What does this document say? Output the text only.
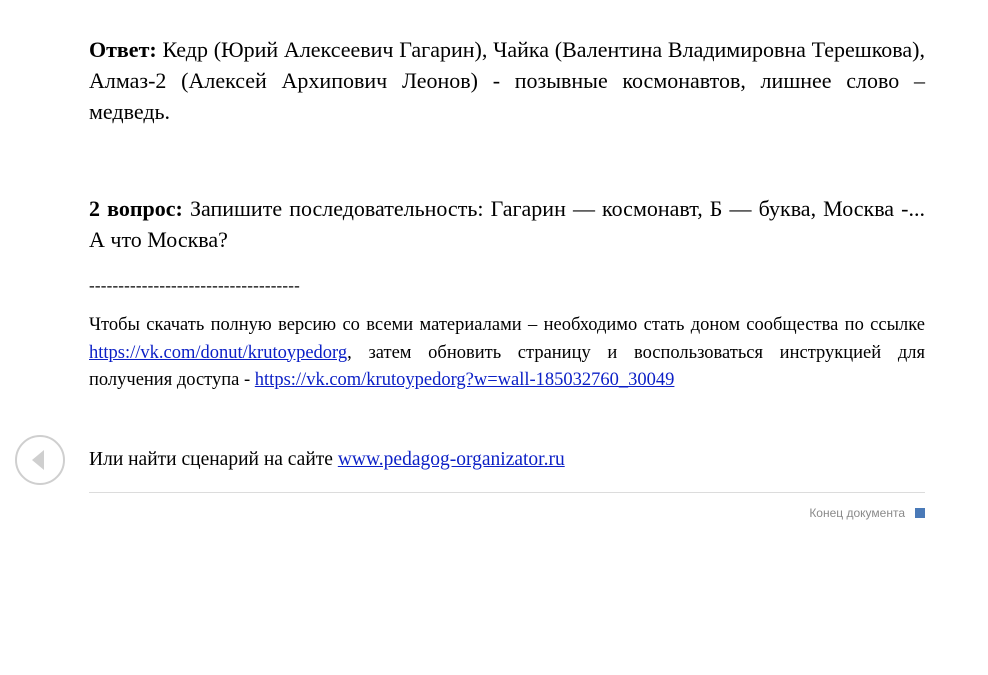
Ответ: Кедр (Юрий Алексеевич Гагарин), Чайка (Валентина Владимировна Терешкова), Алмаз-2 (Алексей Архипович Леонов) - позывные космонавтов, лишнее слово – медведь.

2 вопрос: Запишите последовательность: Гагарин — космонавт, Б — буква, Москва -... А что Москва?

------------------------------------

Чтобы скачать полную версию со всеми материалами – необходимо стать доном сообщества по ссылке https://vk.com/donut/krutoypedorg, затем обновить страницу и воспользоваться инструкцией для получения доступа - https://vk.com/krutoypedorg?w=wall-185032760_30049

Или найти сценарий на сайте www.pedagog-organizator.ru

Конец документа
